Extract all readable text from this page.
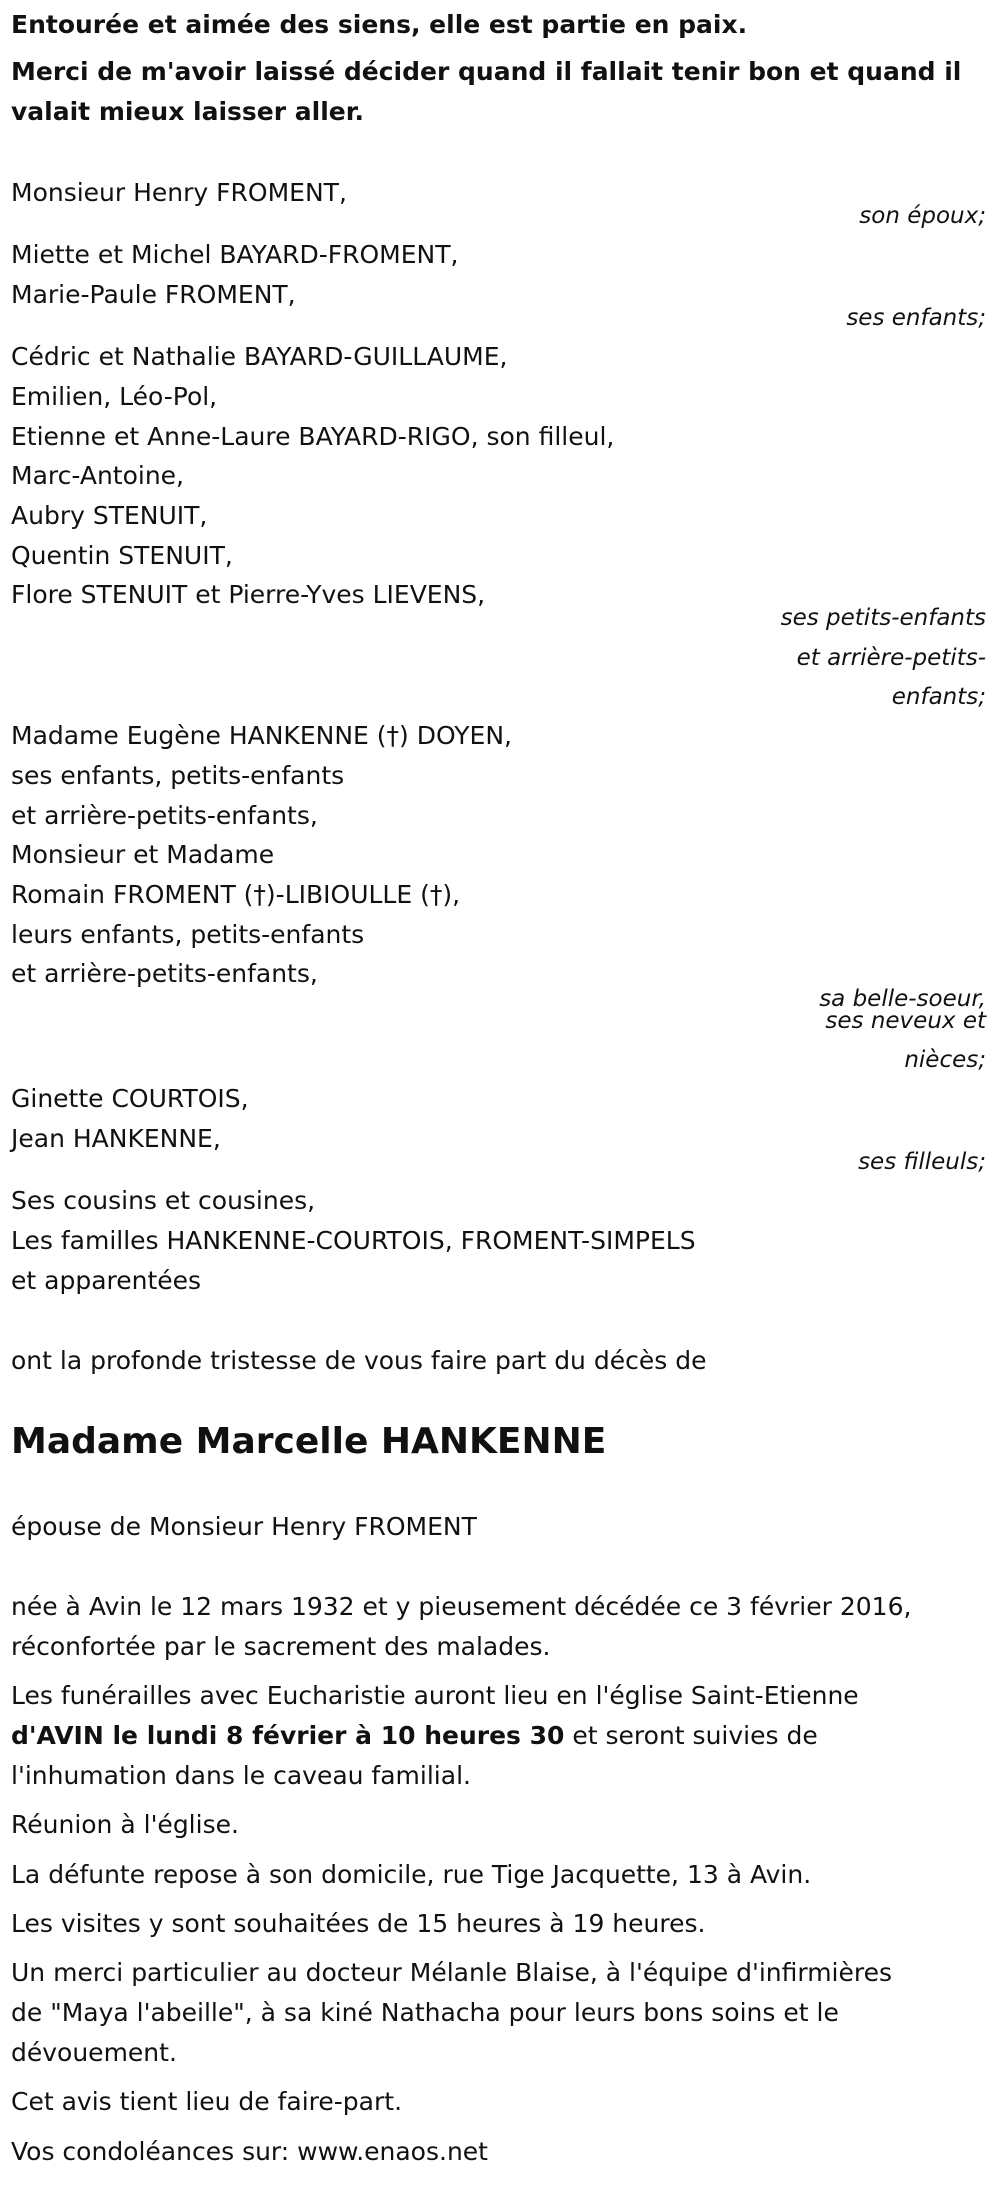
Entourée et aimée des siens, elle est partie en paix.
Merci de m'avoir laissé décider quand il fallait tenir bon et quand il
valait mieux laisser aller.
Monsieur Henry FROMENT,
son époux;
Miette et Michel BAYARD-FROMENT,
Marie-Paule FROMENT,
ses enfants;
Cédric et Nathalie BAYARD-GUILLAUME,
Emilien, Léo-Pol,
Etienne et Anne-Laure BAYARD-RIGO, son filleul,
Marc-Antoine,
Aubry STENUIT,
Quentin STENUIT,
Flore STENUIT et Pierre-Yves LIEVENS,
ses petits-enfants
et arrière-petits-
enfants;
Madame Eugène HANKENNE (†) DOYEN,
ses enfants, petits-enfants
et arrière-petits-enfants,
Monsieur et Madame
Romain FROMENT (†)-LIBIOULLE (†),
leurs enfants, petits-enfants
et arrière-petits-enfants,
sa belle-soeur,
ses neveux et
nièces;
Ginette COURTOIS,
Jean HANKENNE,
ses filleuls;
Ses cousins et cousines,
Les familles HANKENNE-COURTOIS, FROMENT-SIMPELS
et apparentées
ont la profonde tristesse de vous faire part du décès de
Madame Marcelle HANKENNE
épouse de Monsieur Henry FROMENT
née à Avin le 12 mars 1932 et y pieusement décédée ce 3 février 2016,
réconfortée par le sacrement des malades.
Les funérailles avec Eucharistie auront lieu en l'église Saint-Etienne
d'AVIN le lundi 8 février à 10 heures 30 et seront suivies de
l'inhumation dans le caveau familial.
Réunion à l'église.
La défunte repose à son domicile, rue Tige Jacquette, 13 à Avin.
Les visites y sont souhaitées de 15 heures à 19 heures.
Un merci particulier au docteur Mélanle Blaise, à l'équipe d'infirmières
de "Maya l'abeille", à sa kiné Nathacha pour leurs bons soins et le
dévouement.
Cet avis tient lieu de faire-part.
Vos condoléances sur: www.enaos.net
